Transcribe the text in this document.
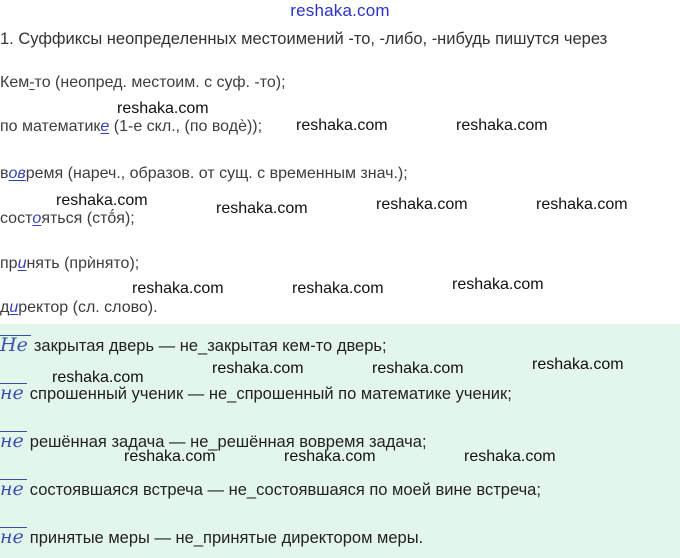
reshaka.com
1. Суффиксы неопределенных местоимений -то, -либо, -нибудь пишутся через
Кем-то (неопред. местоим. с суф. -то);
по математике (1-е скл., (по водѐ));
вовремя (нареч., образов. от сущ. с временным знач.);
состояться (стṓя);
принять (прѝнято);
директор (сл. слово).
Не закрытая дверь — не_закрытая кем-то дверь;
не спрошенный ученик — не_спрошенный по математике ученик;
не решённая задача — не_решённая вовремя задача;
не состоявшаяся встреча — не_состоявшаяся по моей вине встреча;
не принятые меры — не_принятые директором меры.
reshaka.com
reshaka.com	reshaka.com
reshaka.com	reshaka.com	reshaka.com	reshaka.com
reshaka.com	reshaka.com	reshaka.com
reshaka.com
reshaka.com	reshaka.com	reshaka.com
reshaka.com	reshaka.com	reshaka.com
